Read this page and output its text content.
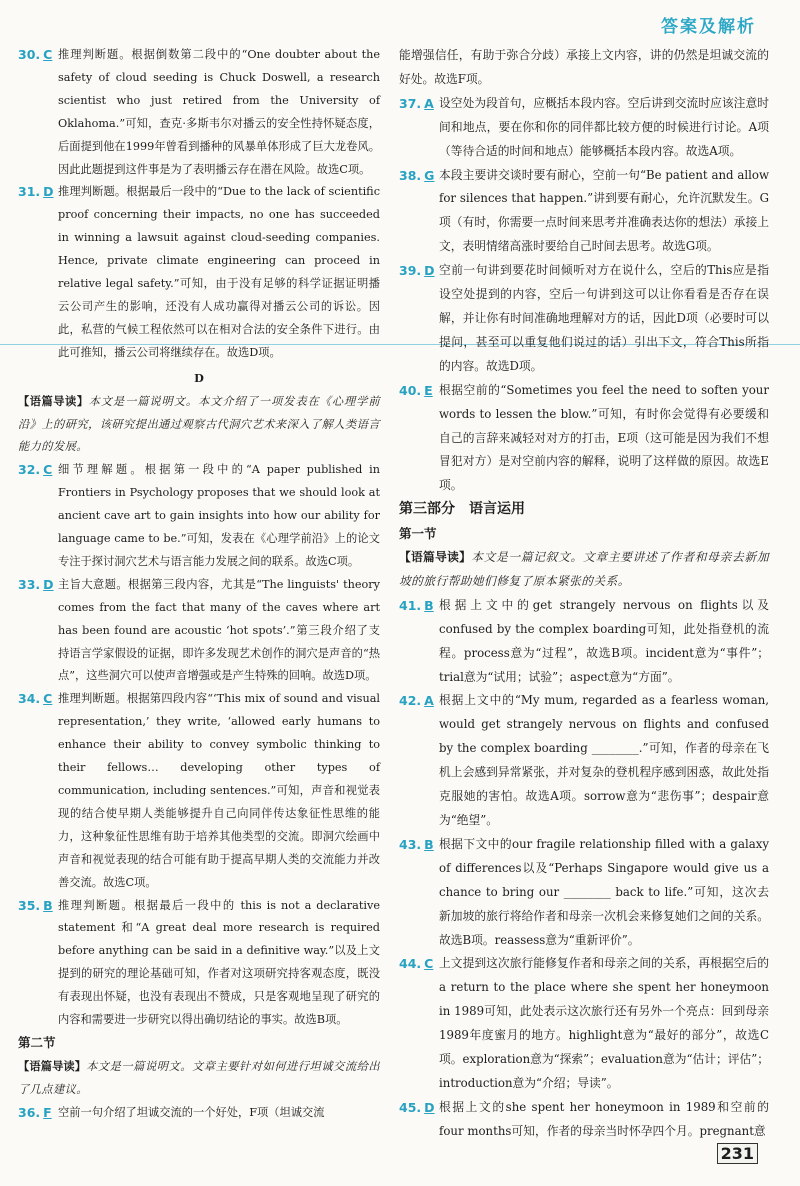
答案及解析

30. C 推理判断题。根据倒数第二段中的“One doubter about the safety of cloud seeding is Chuck Doswell, a research scientist who just retired from the University of Oklahoma.”可知，查克·多斯韦尔对播云的安全性持怀疑态度，后面提到他在1999年曾看到播种的风暴单体形成了巨大龙卷风。因此此题提到这件事是为了表明播云存在潜在风险。故选C项。

31. D 推理判断题。根据最后一段中的“Due to the lack of scientific proof concerning their impacts, no one has succeeded in winning a lawsuit against cloud-seeding companies. Hence, private climate engineering can proceed in relative legal safety.”可知，由于没有足够的科学证据证明播云公司产生的影响，还没有人成功赢得对播云公司的诉讼。因此，私营的气候工程依然可以在相对合法的安全条件下进行。由此可推知，播云公司将继续存在。故选D项。

D

【语篇导读】本文是一篇说明文。本文介绍了一项发表在《心理学前沿》上的研究，该研究提出通过观察古代洞穴艺术来深入了解人类语言能力的发展。

32. C 细节理解题。根据第一段中的“A paper published in Frontiers in Psychology proposes that we should look at ancient cave art to gain insights into how our ability for language came to be.”可知，发表在《心理学前沿》上的论文专注于探讨洞穴艺术与语言能力发展之间的联系。故选C项。

33. D 主旨大意题。根据第三段内容，尤其是“The linguists' theory comes from the fact that many of the caves where art has been found are acoustic ‘hot spots’.”第三段介绍了支持语言学家假设的证据，即许多发现艺术创作的洞穴是声音的“热点”，这些洞穴可以使声音增强或是产生特殊的回响。故选D项。

34. C 推理判断题。根据第四段内容“‘This mix of sound and visual representation,’ they write, ‘allowed early humans to enhance their ability to convey symbolic thinking to their fellows… developing other types of communication, including sentences.”可知，声音和视觉表现的结合使早期人类能够提升自己向同伴传达象征性思维的能力，这种象征性思维有助于培养其他类型的交流。即洞穴绘画中声音和视觉表现的结合可能有助于提高早期人类的交流能力并改善交流。故选C项。

35. B 推理判断题。根据最后一段中的 this is not a declarative statement 和“A great deal more research is required before anything can be said in a definitive way.”以及上文提到的研究的理论基础可知，作者对这项研究持客观态度，既没有表现出怀疑，也没有表现出不赞成，只是客观地呈现了研究的内容和需要进一步研究以得出确切结论的事实。故选B项。

第二节

【语篇导读】本文是一篇说明文。文章主要针对如何进行坦诚交流给出了几点建议。

36. F 空前一句介绍了坦诚交流的一个好处，F项（坦诚交流

能增强信任，有助于弥合分歧）承接上文内容，讲的仍然是坦诚交流的好处。故选F项。

37. A 设空处为段首句，应概括本段内容。空后讲到交流时应该注意时间和地点，要在你和你的同伴都比较方便的时候进行讨论。A项（等待合适的时间和地点）能够概括本段内容。故选A项。

38. G 本段主要讲交谈时要有耐心，空前一句“Be patient and allow for silences that happen.”讲到要有耐心，允许沉默发生。G项（有时，你需要一点时间来思考并准确表达你的想法）承接上文，表明情绪高涨时要给自己时间去思考。故选G项。

39. D 空前一句讲到要花时间倾听对方在说什么，空后的This应是指设空处提到的内容，空后一句讲到这可以让你看看是否存在误解，并让你有时间准确地理解对方的话，因此D项（必要时可以提问，甚至可以重复他们说过的话）引出下文，符合This所指的内容。故选D项。

40. E 根据空前的“Sometimes you feel the need to soften your words to lessen the blow.”可知，有时你会觉得有必要缓和自己的言辞来减轻对对方的打击，E项（这可能是因为我们不想冒犯对方）是对空前内容的解释，说明了这样做的原因。故选E项。

第三部分　语言运用

第一节

【语篇导读】本文是一篇记叙文。文章主要讲述了作者和母亲去新加坡的旅行帮助她们修复了原本紧张的关系。

41. B 根据上文中的get strangely nervous on flights以及confused by the complex boarding可知，此处指登机的流程。process意为“过程”，故选B项。incident意为“事件”；trial意为“试用；试验”；aspect意为“方面”。

42. A 根据上文中的“My mum, regarded as a fearless woman, would get strangely nervous on flights and confused by the complex boarding ________.”可知，作者的母亲在飞机上会感到异常紧张，并对复杂的登机程序感到困惑，故此处指克服她的害怕。故选A项。sorrow意为“悲伤事”；despair意为“绝望”。

43. B 根据下文中的our fragile relationship filled with a galaxy of differences以及“Perhaps Singapore would give us a chance to bring our ________ back to life.”可知，这次去新加坡的旅行将给作者和母亲一次机会来修复她们之间的关系。故选B项。reassess意为“重新评价”。

44. C 上文提到这次旅行能修复作者和母亲之间的关系，再根据空后的a return to the place where she spent her honeymoon in 1989可知，此处表示这次旅行还有另外一个亮点：回到母亲1989年度蜜月的地方。highlight意为“最好的部分”，故选C项。exploration意为“探索”；evaluation意为“估计；评估”；introduction意为“介绍；导读”。

45. D 根据上文的she spent her honeymoon in 1989和空前的four months可知，作者的母亲当时怀孕四个月。pregnant意

231
